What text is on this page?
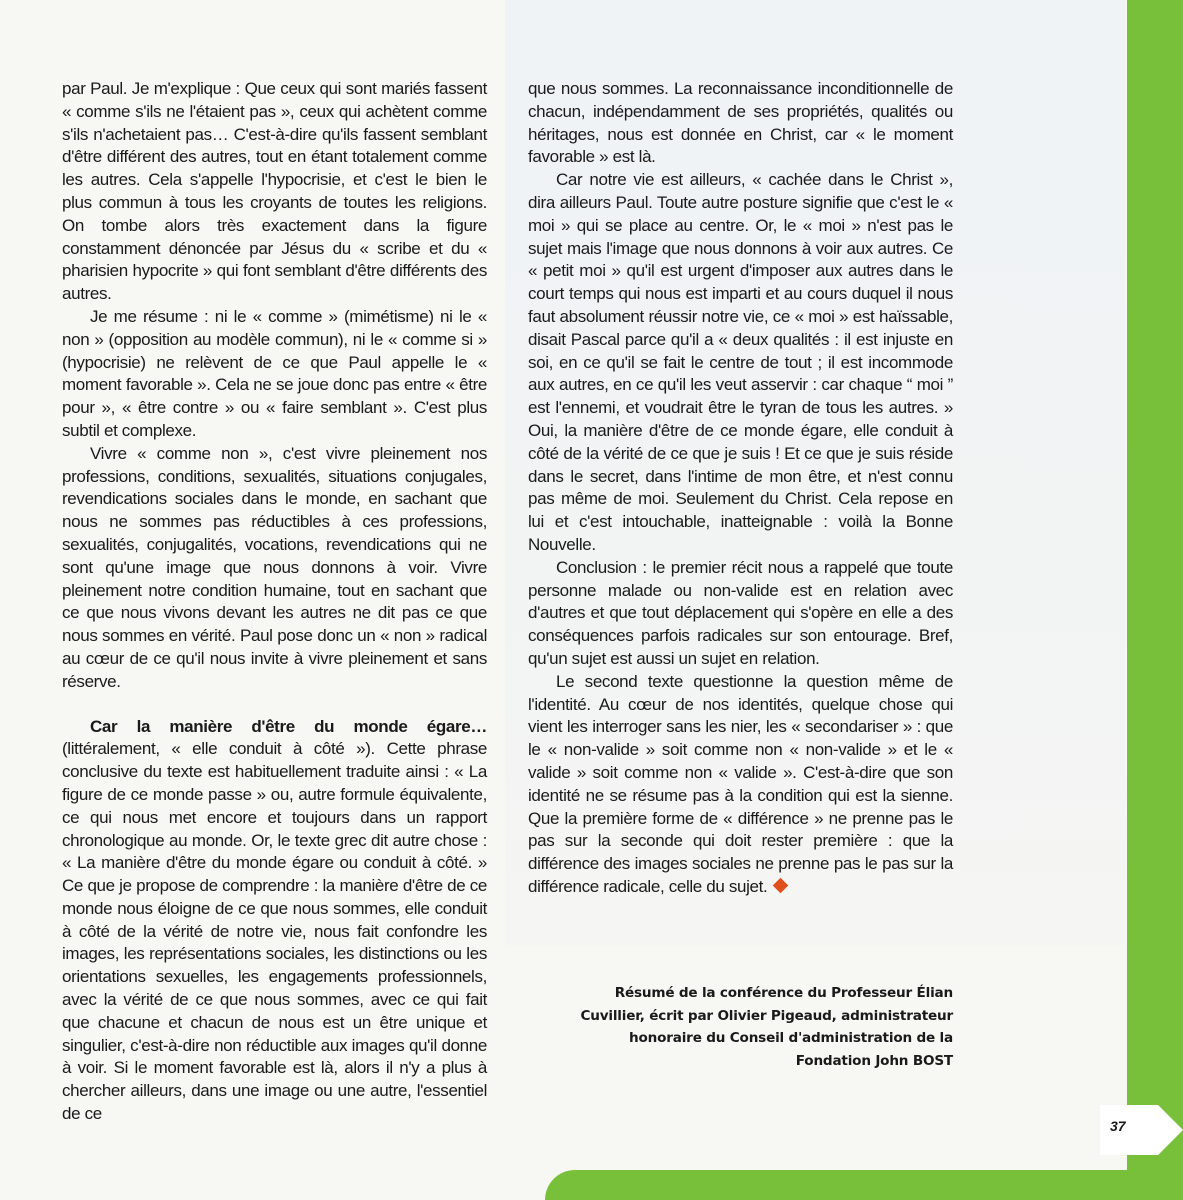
37

par Paul. Je m'explique : Que ceux qui sont mariés fassent « comme s'ils ne l'étaient pas », ceux qui achètent comme s'ils n'achetaient pas… C'est-à-dire qu'ils fassent semblant d'être différent des autres, tout en étant totalement comme les autres. Cela s'appelle l'hypocrisie, et c'est le bien le plus commun à tous les croyants de toutes les religions. On tombe alors très exactement dans la figure constamment dénoncée par Jésus du « scribe et du « pharisien hypocrite » qui font semblant d'être différents des autres.

Je me résume : ni le « comme » (mimétisme) ni le « non » (opposition au modèle commun), ni le « comme si » (hypocrisie) ne relèvent de ce que Paul appelle le « moment favorable ». Cela ne se joue donc pas entre « être pour », « être contre » ou « faire semblant ». C'est plus subtil et complexe.

Vivre « comme non », c'est vivre pleinement nos professions, conditions, sexualités, situations conjugales, revendications sociales dans le monde, en sachant que nous ne sommes pas réductibles à ces professions, sexualités, conjugalités, vocations, revendications qui ne sont qu'une image que nous donnons à voir. Vivre pleinement notre condition humaine, tout en sachant que ce que nous vivons devant les autres ne dit pas ce que nous sommes en vérité. Paul pose donc un « non » radical au cœur de ce qu'il nous invite à vivre pleinement et sans réserve.

Car la manière d'être du monde égare… (littéralement, « elle conduit à côté »). Cette phrase conclusive du texte est habituellement traduite ainsi : « La figure de ce monde passe » ou, autre formule équivalente, ce qui nous met encore et toujours dans un rapport chronologique au monde. Or, le texte grec dit autre chose : « La manière d'être du monde égare ou conduit à côté. » Ce que je propose de comprendre : la manière d'être de ce monde nous éloigne de ce que nous sommes, elle conduit à côté de la vérité de notre vie, nous fait confondre les images, les représentations sociales, les distinctions ou les orientations sexuelles, les engagements professionnels, avec la vérité de ce que nous sommes, avec ce qui fait que chacune et chacun de nous est un être unique et singulier, c'est-à-dire non réductible aux images qu'il donne à voir. Si le moment favorable est là, alors il n'y a plus à chercher ailleurs, dans une image ou une autre, l'essentiel de ce

que nous sommes. La reconnaissance inconditionnelle de chacun, indépendamment de ses propriétés, qualités ou héritages, nous est donnée en Christ, car « le moment favorable » est là.

Car notre vie est ailleurs, « cachée dans le Christ », dira ailleurs Paul. Toute autre posture signifie que c'est le « moi » qui se place au centre. Or, le « moi » n'est pas le sujet mais l'image que nous donnons à voir aux autres. Ce « petit moi » qu'il est urgent d'imposer aux autres dans le court temps qui nous est imparti et au cours duquel il nous faut absolument réussir notre vie, ce « moi » est haïssable, disait Pascal parce qu'il a « deux qualités : il est injuste en soi, en ce qu'il se fait le centre de tout ; il est incommode aux autres, en ce qu'il les veut asservir : car chaque “ moi ” est l'ennemi, et voudrait être le tyran de tous les autres. » Oui, la manière d'être de ce monde égare, elle conduit à côté de la vérité de ce que je suis ! Et ce que je suis réside dans le secret, dans l'intime de mon être, et n'est connu pas même de moi. Seulement du Christ. Cela repose en lui et c'est intouchable, inatteignable : voilà la Bonne Nouvelle.

Conclusion : le premier récit nous a rappelé que toute personne malade ou non-valide est en relation avec d'autres et que tout déplacement qui s'opère en elle a des conséquences parfois radicales sur son entourage. Bref, qu'un sujet est aussi un sujet en relation.

Le second texte questionne la question même de l'identité. Au cœur de nos identités, quelque chose qui vient les interroger sans les nier, les « secondariser » : que le « non-valide » soit comme non « non-valide » et le « valide » soit comme non « valide ». C'est-à-dire que son identité ne se résume pas à la condition qui est la sienne. Que la première forme de « différence » ne prenne pas le pas sur la seconde qui doit rester première : que la différence des images sociales ne prenne pas le pas sur la différence radicale, celle du sujet.

Résumé de la conférence du Professeur Élian Cuvillier, écrit par Olivier Pigeaud, administrateur honoraire du Conseil d'administration de la Fondation John BOST
